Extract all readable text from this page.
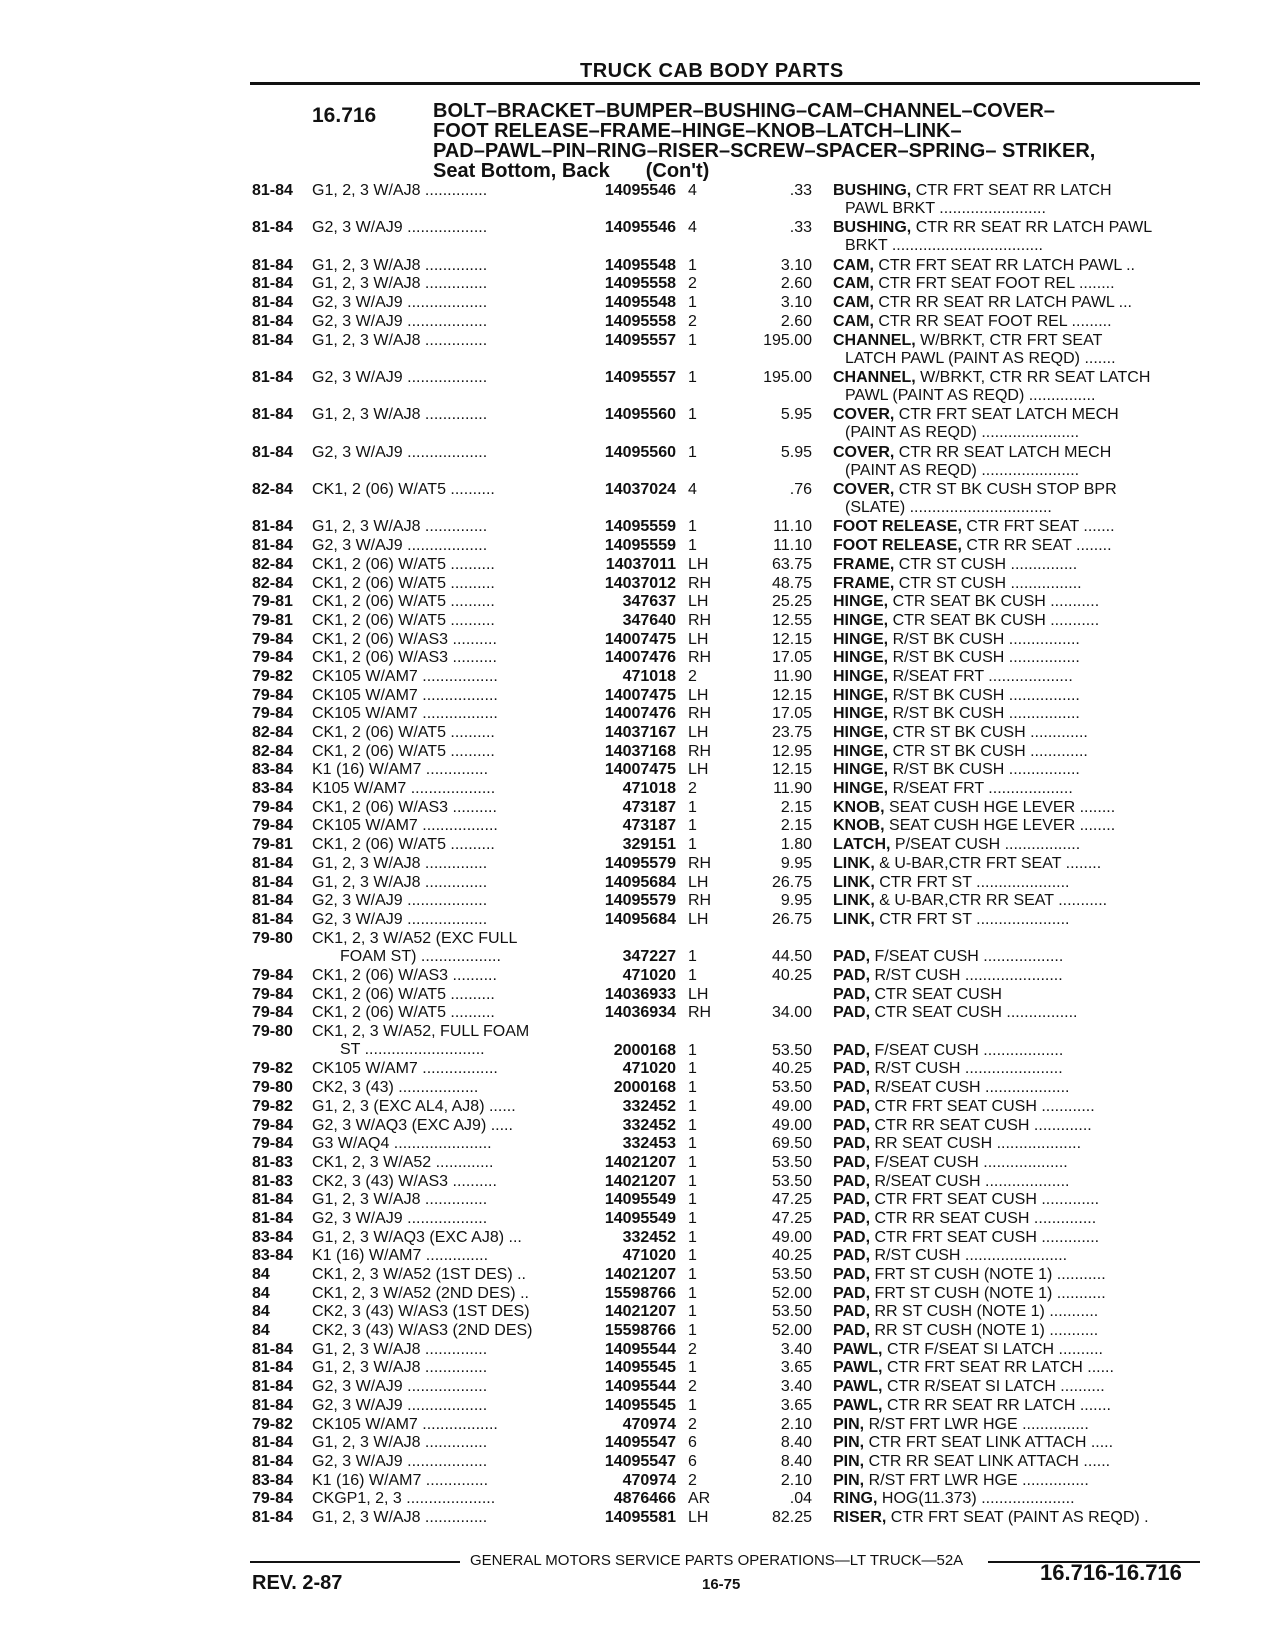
TRUCK CAB BODY PARTS
16.716	BOLT–BRACKET–BUMPER–BUSHING–CAM–CHANNEL–COVER–
FOOT RELEASE–FRAME–HINGE–KNOB–LATCH–LINK–
PAD–PAWL–PIN–RING–RISER–SCREW–SPACER–SPRING– STRIKER,
Seat Bottom, Back (Con't)
81-84 G1, 2, 3 W/AJ8 ..............	14095546 4	.33 BUSHING, CTR FRT SEAT RR LATCH
PAWL BRKT ........................
81-84 G2, 3 W/AJ9 ..................	14095546 4	.33 BUSHING, CTR RR SEAT RR LATCH PAWL
BRKT ..................................
81-84 G1, 2, 3 W/AJ8 ..............	14095548 1	3.10 CAM, CTR FRT SEAT RR LATCH PAWL ..
81-84 G1, 2, 3 W/AJ8 ..............	14095558 2	2.60 CAM, CTR FRT SEAT FOOT REL ........
81-84 G2, 3 W/AJ9 ..................	14095548 1	3.10 CAM, CTR RR SEAT RR LATCH PAWL ...
81-84 G2, 3 W/AJ9 ..................	14095558 2	2.60 CAM, CTR RR SEAT FOOT REL .........
81-84 G1, 2, 3 W/AJ8 ..............	14095557 1	195.00 CHANNEL, W/BRKT, CTR FRT SEAT
LATCH PAWL (PAINT AS REQD) .......
81-84 G2, 3 W/AJ9 ..................	14095557 1	195.00 CHANNEL, W/BRKT, CTR RR SEAT LATCH
PAWL (PAINT AS REQD) ...............
81-84 G1, 2, 3 W/AJ8 ..............	14095560 1	5.95 COVER, CTR FRT SEAT LATCH MECH
(PAINT AS REQD) ......................
81-84 G2, 3 W/AJ9 ..................	14095560 1	5.95 COVER, CTR RR SEAT LATCH MECH
(PAINT AS REQD) ......................
82-84 CK1, 2 (06) W/AT5 ..........	14037024 4	.76 COVER, CTR ST BK CUSH STOP BPR
(SLATE) ................................
81-84 G1, 2, 3 W/AJ8 ..............	14095559 1	11.10 FOOT RELEASE, CTR FRT SEAT .......
81-84 G2, 3 W/AJ9 ..................	14095559 1	11.10 FOOT RELEASE, CTR RR SEAT ........
82-84 CK1, 2 (06) W/AT5 ..........	14037011 LH	63.75 FRAME, CTR ST CUSH ...............
82-84 CK1, 2 (06) W/AT5 ..........	14037012 RH	48.75 FRAME, CTR ST CUSH ................
79-81 CK1, 2 (06) W/AT5 ..........	347637 LH	25.25 HINGE, CTR SEAT BK CUSH ...........
79-81 CK1, 2 (06) W/AT5 ..........	347640 RH	12.55 HINGE, CTR SEAT BK CUSH ...........
79-84 CK1, 2 (06) W/AS3 ..........	14007475 LH	12.15 HINGE, R/ST BK CUSH ................
79-84 CK1, 2 (06) W/AS3 ..........	14007476 RH	17.05 HINGE, R/ST BK CUSH ................
79-82 CK105 W/AM7 .................	471018 2	11.90 HINGE, R/SEAT FRT ...................
79-84 CK105 W/AM7 .................	14007475 LH	12.15 HINGE, R/ST BK CUSH ................
79-84 CK105 W/AM7 .................	14007476 RH	17.05 HINGE, R/ST BK CUSH ................
82-84 CK1, 2 (06) W/AT5 ..........	14037167 LH	23.75 HINGE, CTR ST BK CUSH .............
82-84 CK1, 2 (06) W/AT5 ..........	14037168 RH	12.95 HINGE, CTR ST BK CUSH .............
83-84 K1 (16) W/AM7 ..............	14007475 LH	12.15 HINGE, R/ST BK CUSH ................
83-84 K105 W/AM7 ...................	471018 2	11.90 HINGE, R/SEAT FRT ...................
79-84 CK1, 2 (06) W/AS3 ..........	473187 1	2.15 KNOB, SEAT CUSH HGE LEVER ........
79-84 CK105 W/AM7 .................	473187 1	2.15 KNOB, SEAT CUSH HGE LEVER ........
79-81 CK1, 2 (06) W/AT5 ..........	329151 1	1.80 LATCH, P/SEAT CUSH .................
81-84 G1, 2, 3 W/AJ8 ..............	14095579 RH	9.95 LINK, & U-BAR,CTR FRT SEAT ........
81-84 G1, 2, 3 W/AJ8 ..............	14095684 LH	26.75 LINK, CTR FRT ST .....................
81-84 G2, 3 W/AJ9 ..................	14095579 RH	9.95 LINK, & U-BAR,CTR RR SEAT ...........
81-84 G2, 3 W/AJ9 ..................	14095684 LH	26.75 LINK, CTR FRT ST .....................
79-80 CK1, 2, 3 W/A52 (EXC FULL
FOAM ST) ..................	347227 1	44.50 PAD, F/SEAT CUSH ..................
79-84 CK1, 2 (06) W/AS3 ..........	471020 1	40.25 PAD, R/ST CUSH ......................
79-84 CK1, 2 (06) W/AT5 ..........	14036933 LH	PAD, CTR SEAT CUSH
79-84 CK1, 2 (06) W/AT5 ..........	14036934 RH	34.00 PAD, CTR SEAT CUSH ................
79-80 CK1, 2, 3 W/A52, FULL FOAM
ST ...........................	2000168 1	53.50 PAD, F/SEAT CUSH ..................
79-82 CK105 W/AM7 .................	471020 1	40.25 PAD, R/ST CUSH ......................
79-80 CK2, 3 (43) ..................	2000168 1	53.50 PAD, R/SEAT CUSH ...................
79-82 G1, 2, 3 (EXC AL4, AJ8) ......	332452 1	49.00 PAD, CTR FRT SEAT CUSH ............
79-84 G2, 3 W/AQ3 (EXC AJ9) .....	332452 1	49.00 PAD, CTR RR SEAT CUSH .............
79-84 G3 W/AQ4 ......................	332453 1	69.50 PAD, RR SEAT CUSH ...................
81-83 CK1, 2, 3 W/A52 .............	14021207 1	53.50 PAD, F/SEAT CUSH ...................
81-83 CK2, 3 (43) W/AS3 ..........	14021207 1	53.50 PAD, R/SEAT CUSH ...................
81-84 G1, 2, 3 W/AJ8 ..............	14095549 1	47.25 PAD, CTR FRT SEAT CUSH .............
81-84 G2, 3 W/AJ9 ..................	14095549 1	47.25 PAD, CTR RR SEAT CUSH ..............
83-84 G1, 2, 3 W/AQ3 (EXC AJ8) ...	332452 1	49.00 PAD, CTR FRT SEAT CUSH .............
83-84 K1 (16) W/AM7 ..............	471020 1	40.25 PAD, R/ST CUSH .......................
84	CK1, 2, 3 W/A52 (1ST DES) ..	14021207 1	53.50 PAD, FRT ST CUSH (NOTE 1) ...........
84	CK1, 2, 3 W/A52 (2ND DES) ..	15598766 1	52.00 PAD, FRT ST CUSH (NOTE 1) ...........
84	CK2, 3 (43) W/AS3 (1ST DES)	14021207 1	53.50 PAD, RR ST CUSH (NOTE 1) ...........
84	CK2, 3 (43) W/AS3 (2ND DES)	15598766 1	52.00 PAD, RR ST CUSH (NOTE 1) ...........
81-84 G1, 2, 3 W/AJ8 ..............	14095544 2	3.40 PAWL, CTR F/SEAT SI LATCH ..........
81-84 G1, 2, 3 W/AJ8 ..............	14095545 1	3.65 PAWL, CTR FRT SEAT RR LATCH ......
81-84 G2, 3 W/AJ9 ..................	14095544 2	3.40 PAWL, CTR R/SEAT SI LATCH ..........
81-84 G2, 3 W/AJ9 ..................	14095545 1	3.65 PAWL, CTR RR SEAT RR LATCH .......
79-82 CK105 W/AM7 .................	470974 2	2.10 PIN, R/ST FRT LWR HGE ...............
81-84 G1, 2, 3 W/AJ8 ..............	14095547 6	8.40 PIN, CTR FRT SEAT LINK ATTACH .....
81-84 G2, 3 W/AJ9 ..................	14095547 6	8.40 PIN, CTR RR SEAT LINK ATTACH ......
83-84 K1 (16) W/AM7 ..............	470974 2	2.10 PIN, R/ST FRT LWR HGE ...............
79-84 CKGP1, 2, 3 ....................	4876466 AR	.04 RING, HOG(11.373) .....................
81-84 G1, 2, 3 W/AJ8 ..............	14095581 LH	82.25 RISER, CTR FRT SEAT (PAINT AS REQD) .
GENERAL MOTORS SERVICE PARTS OPERATIONS—LT TRUCK—52A
REV. 2-87	16-75	16.716-16.716
